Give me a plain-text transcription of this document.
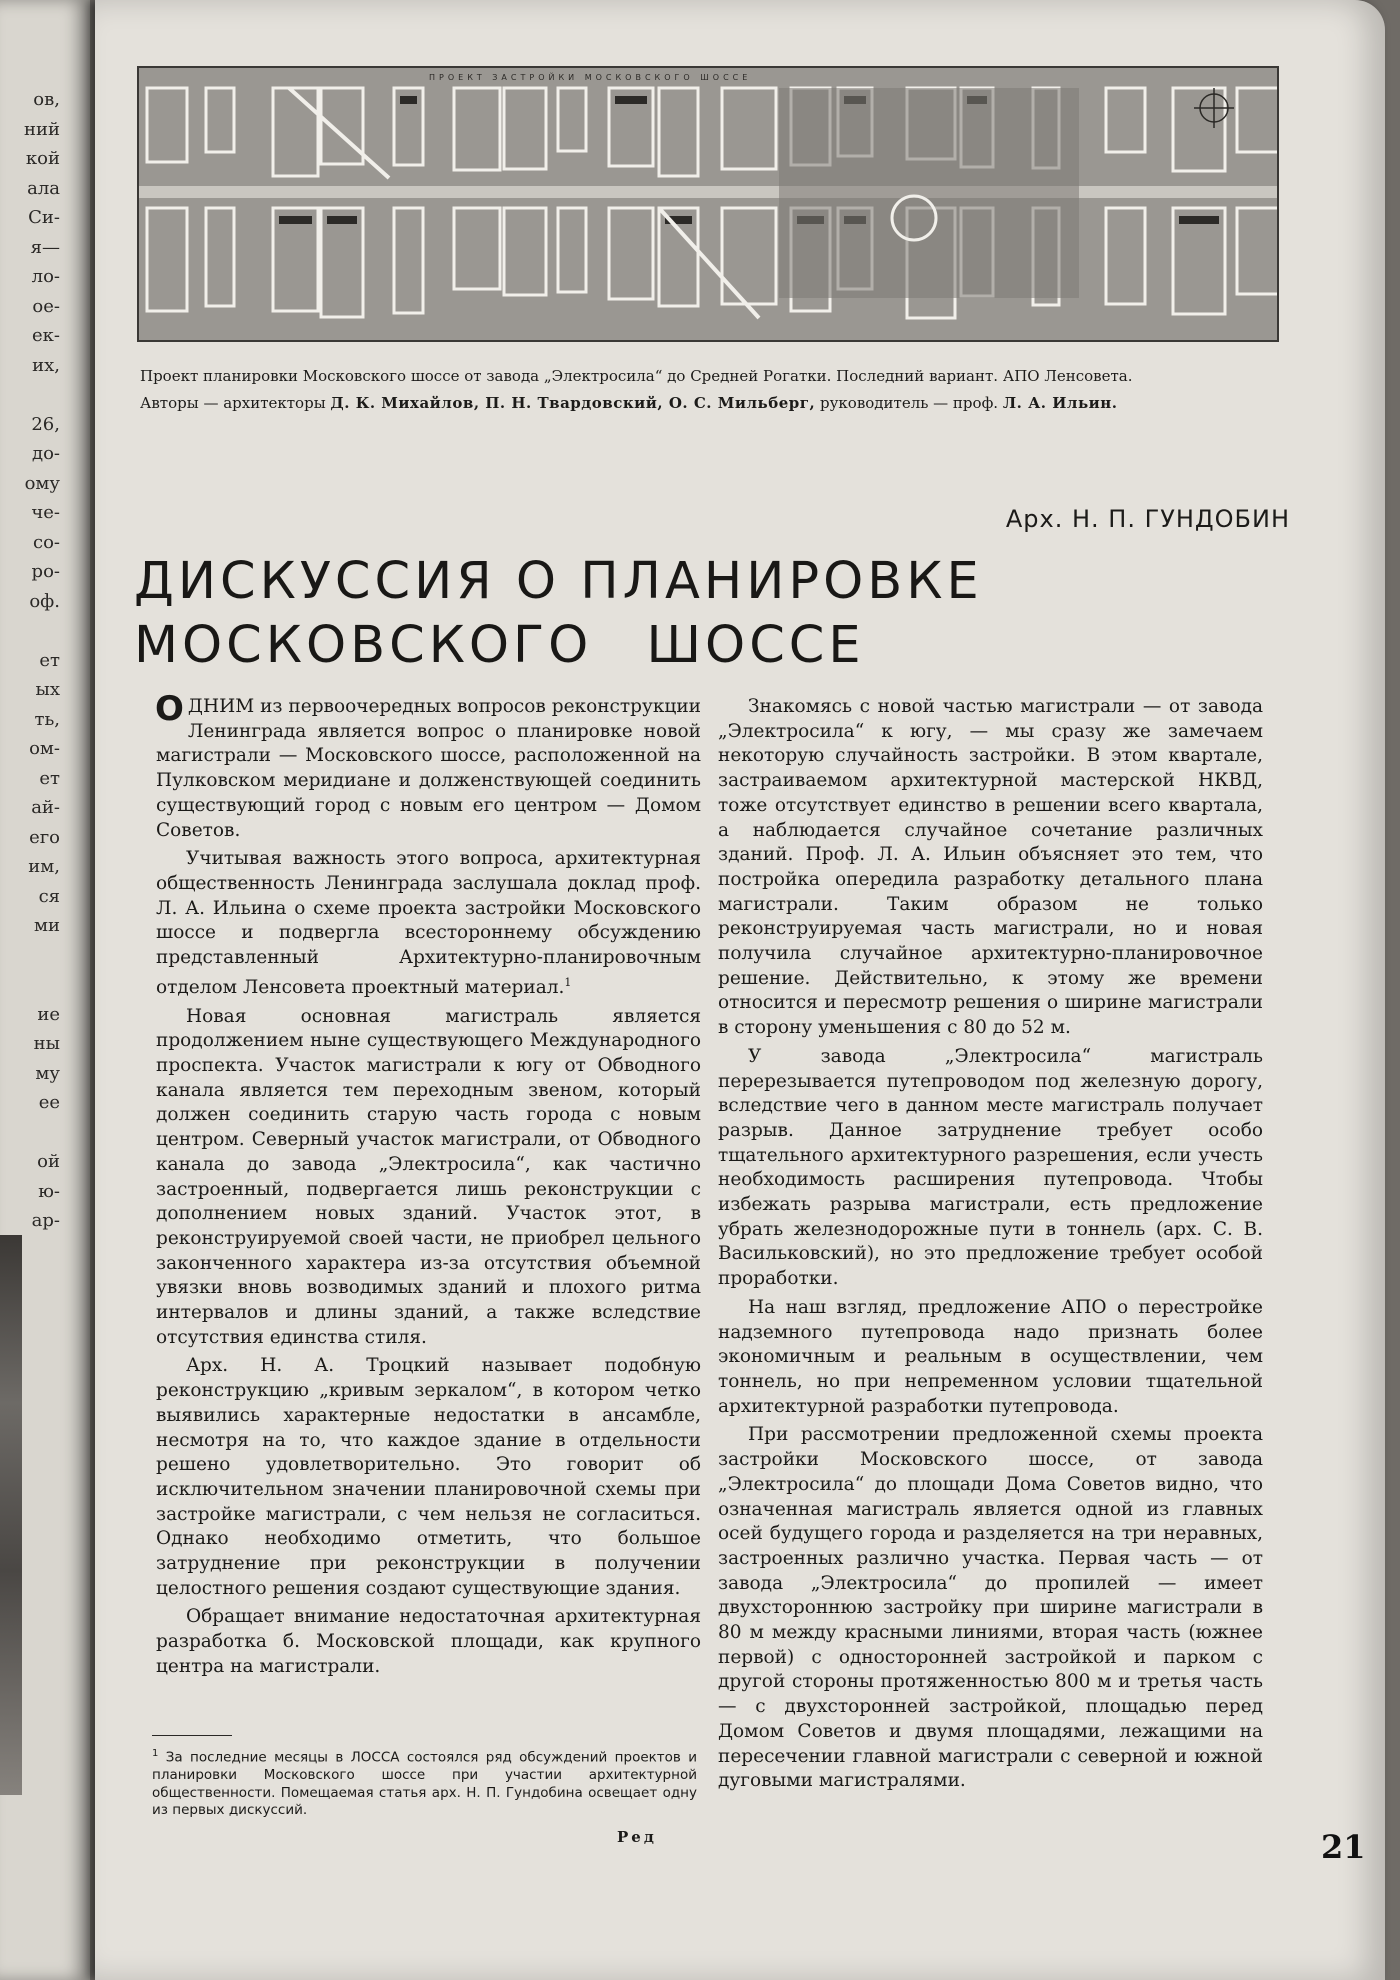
ов,
ний
кой
ала
Си-
я—
ло-
ое-
ек-
их,

26,
до-
ому
че-
со-
ро-
оф.

ет
ых
ть,
ом-
ет
ай-
его
им,
ся
ми

ие
ны
му
ее

ой
ю-
ар-
ПРОЕКТ ЗАСТРОЙКИ МОСКОВСКОГО ШОССЕ
Проект планировки Московского шоссе от завода „Электросила“ до Средней Рогатки. Последний вариант. АПО Ленсовета.
Авторы — архитекторы Д. К. Михайлов, П. Н. Твардовский, О. С. Мильберг, руководитель — проф. Л. А. Ильин.
Арх. Н. П. ГУНДОБИН
ДИСКУССИЯ О ПЛАНИРОВКЕ
МОСКОВСКОГО ШОССЕ

ОДНИМ из первоочередных вопросов реконструкции Ленинграда является вопрос о планировке новой магистрали — Московского шоссе, расположенной на Пулковском меридиане и долженствующей соединить существующий город с новым его центром — Домом Советов.

Учитывая важность этого вопроса, архитектурная общественность Ленинграда заслушала доклад проф. Л. А. Ильина о схеме проекта застройки Московского шоссе и подвергла всестороннему обсуждению представленный Архитектурно-планировочным отделом Ленсовета проектный материал.$^1$

Новая основная магистраль является продолжением ныне существующего Международного проспекта. Участок магистрали к югу от Обводного канала является тем переходным звеном, который должен соединить старую часть города с новым центром. Северный участок магистрали, от Обводного канала до завода „Электросила“, как частично застроенный, подвергается лишь реконструкции с дополнением новых зданий. Участок этот, в реконструируемой своей части, не приобрел цельного законченного характера из-за отсутствия объемной увязки вновь возводимых зданий и плохого ритма интервалов и длины зданий, а также вследствие отсутствия единства стиля.

Арх. Н. А. Троцкий называет подобную реконструкцию „кривым зеркалом“, в котором четко выявились характерные недостатки в ансамбле, несмотря на то, что каждое здание в отдельности решено удовлетворительно. Это говорит об исключительном значении планировочной схемы при застройке магистрали, с чем нельзя не согласиться. Однако необходимо отметить, что большое затруднение при реконструкции в получении целостного решения создают существующие здания.

Обращает внимание недостаточная архитектурная разработка б. Московской площади, как крупного центра на магистрали.

Знакомясь с новой частью магистрали — от завода „Электросила“ к югу, — мы сразу же замечаем некоторую случайность застройки. В этом квартале, застраиваемом архитектурной мастерской НКВД, тоже отсутствует единство в решении всего квартала, а наблюдается случайное сочетание различных зданий. Проф. Л. А. Ильин объясняет это тем, что постройка опередила разработку детального плана магистрали. Таким образом не только реконструируемая часть магистрали, но и новая получила случайное архитектурно-планировочное решение. Действительно, к этому же времени относится и пересмотр решения о ширине магистрали в сторону уменьшения с 80 до 52 м.

У завода „Электросила“ магистраль перерезывается путепроводом под железную дорогу, вследствие чего в данном месте магистраль получает разрыв. Данное затруднение требует особо тщательного архитектурного разрешения, если учесть необходимость расширения путепровода. Чтобы избежать разрыва магистрали, есть предложение убрать железнодорожные пути в тоннель (арх. С. В. Васильковский), но это предложение требует особой проработки.

На наш взгляд, предложение АПО о перестройке надземного путепровода надо признать более экономичным и реальным в осуществлении, чем тоннель, но при непременном условии тщательной архитектурной разработки путепровода.

При рассмотрении предложенной схемы проекта застройки Московского шоссе, от завода „Электросила“ до площади Дома Советов видно, что означенная магистраль является одной из главных осей будущего города и разделяется на три неравных, застроенных различно участка. Первая часть — от завода „Электросила“ до пропилей — имеет двухстороннюю застройку при ширине магистрали в 80 м между красными линиями, вторая часть (южнее первой) с односторонней застройкой и парком с другой стороны протяженностью 800 м и третья часть — с двухсторонней застройкой, площадью перед Домом Советов и двумя площадями, лежащими на пересечении главной магистрали с северной и южной дуговыми магистралями.

$^1$ За последние месяцы в ЛОССА состоялся ряд обсуждений проектов и планировки Московского шоссе при участии архитектурной общественности. Помещаемая статья арх. Н. П. Гундобина освещает одну из первых дискуссий.
Ред	21
